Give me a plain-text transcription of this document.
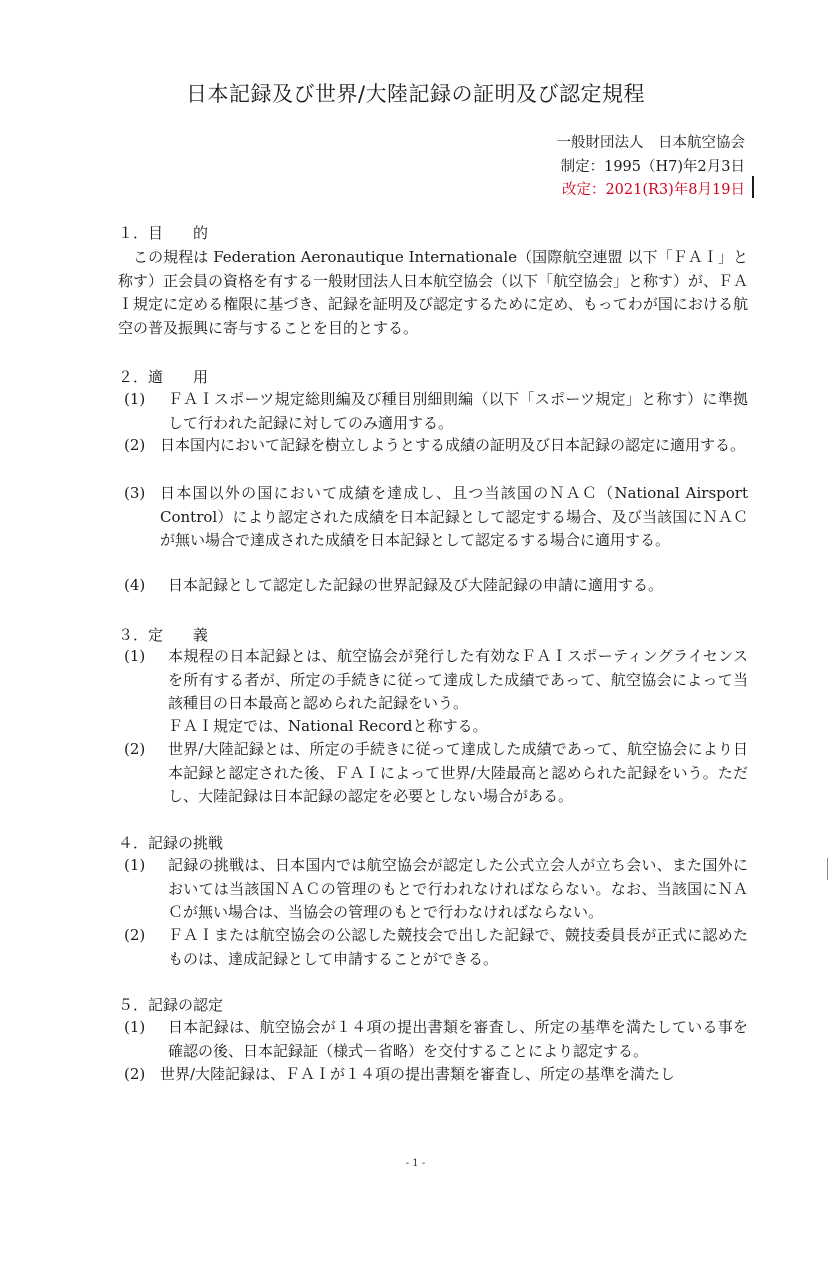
日本記録及び世界/大陸記録の証明及び認定規程
一般財団法人　日本航空協会
制定：1995（H7)年2月3日
改定：2021(R3)年8月19日
１．目　　的
この規程は Federation Aeronautique Internationale（国際航空連盟 以下「ＦＡＩ」と称す）正会員の資格を有する一般財団法人日本航空協会（以下「航空協会」と称す）が、ＦＡＩ規定に定める権限に基づき、記録を証明及び認定するために定め、もってわが国における航空の普及振興に寄与することを目的とする。
２．適　　用
(1)	ＦＡＩスポーツ規定総則編及び種目別細則編（以下「スポーツ規定」と称す）に準拠して行われた記録に対してのみ適用する。
(2) 日本国内において記録を樹立しようとする成績の証明及び日本記録の認定に適用する。
(3) 日本国以外の国において成績を達成し、且つ当該国のＮＡＣ（National Airsport Control）により認定された成績を日本記録として認定する場合、及び当該国にＮＡＣが無い場合で達成された成績を日本記録として認定るする場合に適用する。
(4)	日本記録として認定した記録の世界記録及び大陸記録の申請に適用する。
３．定　　義
(1)	本規程の日本記録とは、航空協会が発行した有効なＦＡＩスポーティングライセンスを所有する者が、所定の手続きに従って達成した成績であって、航空協会によって当該種目の日本最高と認められた記録をいう。
ＦＡＩ規定では、National Recordと称する。
(2)	世界/大陸記録とは、所定の手続きに従って達成した成績であって、航空協会により日本記録と認定された後、ＦＡＩによって世界/大陸最高と認められた記録をいう。ただし、大陸記録は日本記録の認定を必要としない場合がある。
４．記録の挑戦
(1)	記録の挑戦は、日本国内では航空協会が認定した公式立会人が立ち会い、また国外においては当該国ＮＡＣの管理のもとで行われなければならない。なお、当該国にＮＡＣが無い場合は、当協会の管理のもとで行わなければならない。
(2)	ＦＡＩまたは航空協会の公認した競技会で出した記録で、競技委員長が正式に認めたものは、達成記録として申請することができる。
５．記録の認定
(1)	日本記録は、航空協会が１４項の提出書類を審査し、所定の基準を満たしている事を確認の後、日本記録証（様式－省略）を交付することにより認定する。
(2) 世界/大陸記録は、ＦＡＩが１４項の提出書類を審査し、所定の基準を満たし
- 1 -
